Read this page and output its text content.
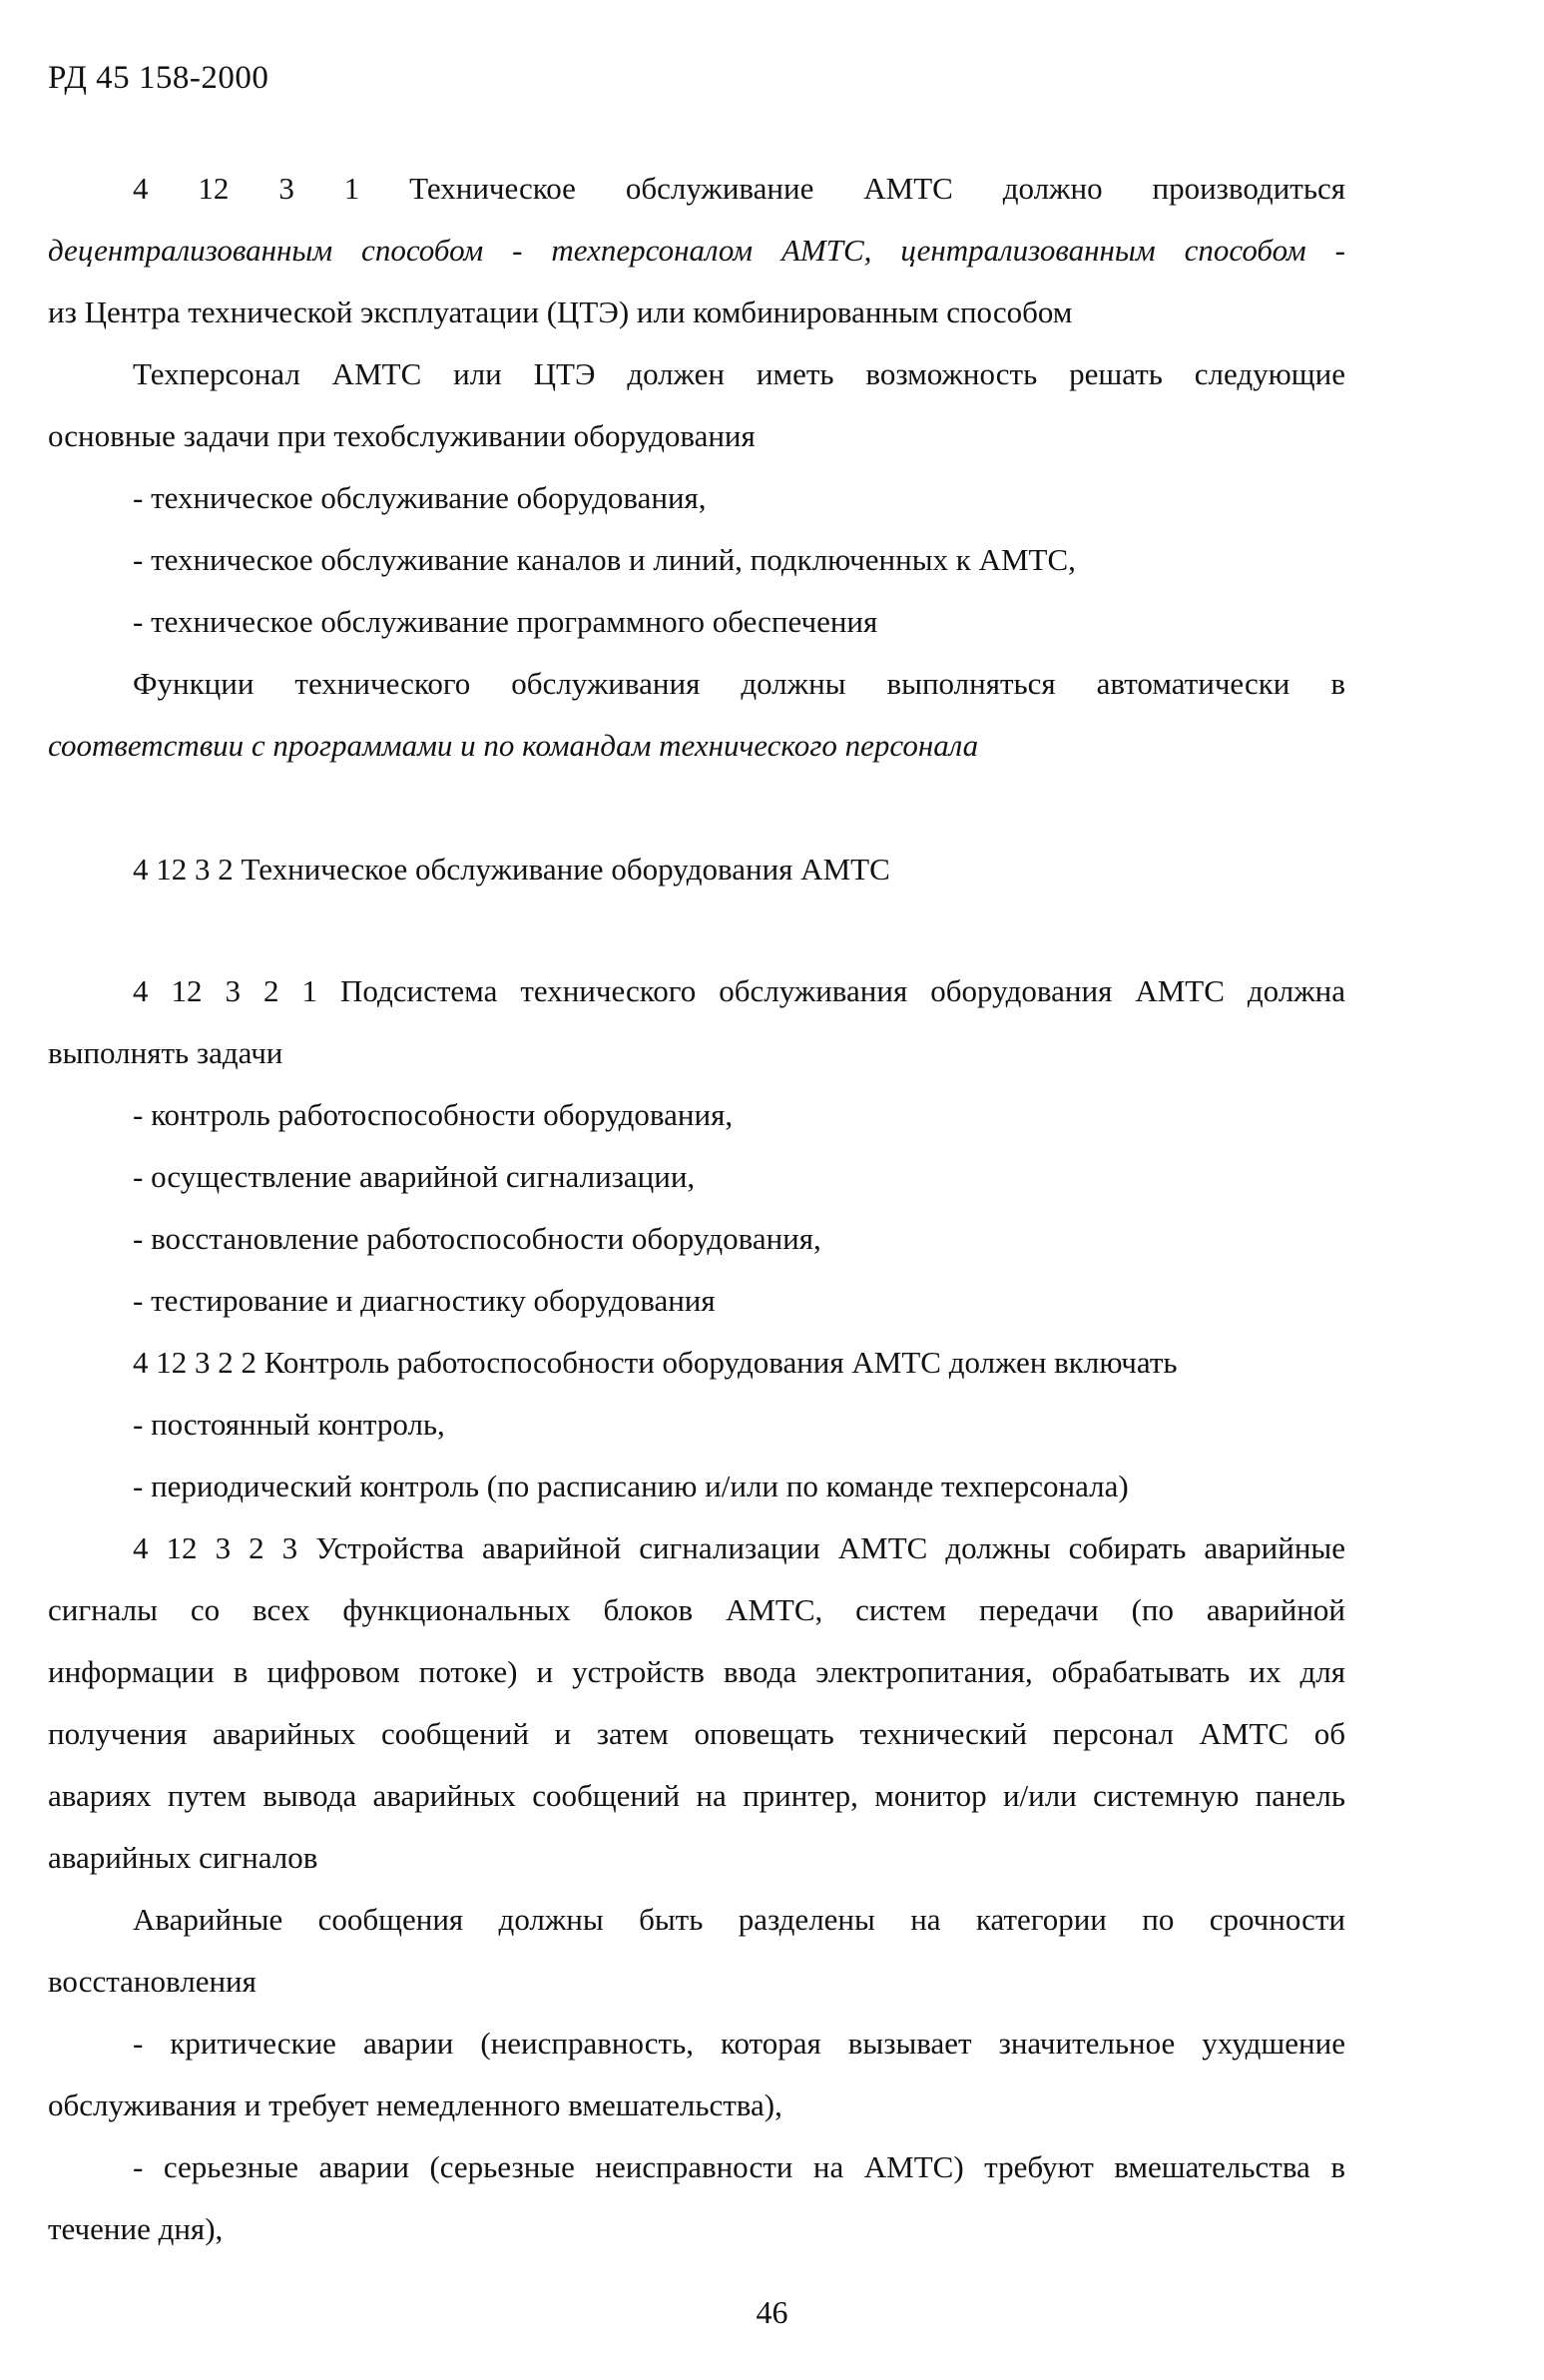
РД 45 158-2000
4 12 3 1 Техническое обслуживание АМТС должно производиться
децентрализованным способом - техперсоналом АМТС, централизованным способом -
из Центра технической эксплуатации (ЦТЭ) или комбинированным способом
Техперсонал АМТС или ЦТЭ должен иметь возможность решать следующие
основные задачи при техобслуживании оборудования
- техническое обслуживание оборудования,
- техническое обслуживание каналов и линий, подключенных к АМТС,
- техническое обслуживание программного обеспечения
Функции технического обслуживания должны выполняться автоматически в
соответствии с программами и по командам технического персонала
4 12 3 2 Техническое обслуживание оборудования АМТС
4 12 3 2 1 Подсистема технического обслуживания оборудования АМТС должна
выполнять задачи
- контроль работоспособности оборудования,
- осуществление аварийной сигнализации,
- восстановление работоспособности оборудования,
- тестирование и диагностику оборудования
4 12 3 2 2 Контроль работоспособности оборудования АМТС должен включать
- постоянный контроль,
- периодический контроль (по расписанию и/или по команде техперсонала)
4 12 3 2 3 Устройства аварийной сигнализации АМТС должны собирать аварийные
сигналы со всех функциональных блоков АМТС, систем передачи (по аварийной
информации в цифровом потоке) и устройств ввода электропитания, обрабатывать их для
получения аварийных сообщений и затем оповещать технический персонал АМТС об
авариях путем вывода аварийных сообщений на принтер, монитор и/или системную панель
аварийных сигналов
Аварийные сообщения должны быть разделены на категории по срочности
восстановления
- критические аварии (неисправность, которая вызывает значительное ухудшение
обслуживания и требует немедленного вмешательства),
- серьезные аварии (серьезные неисправности на АМТС) требуют вмешательства в
течение дня),
46
